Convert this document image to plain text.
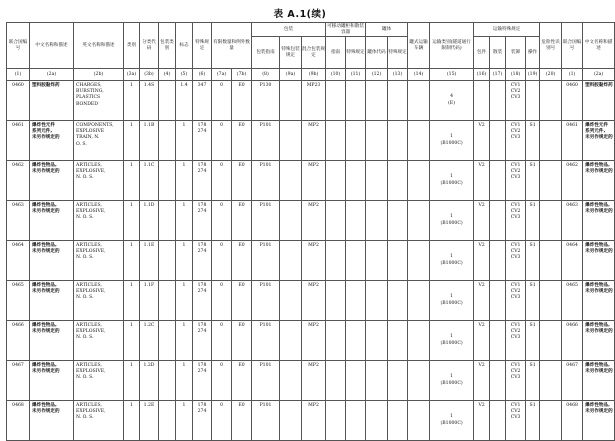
表 A.1(续)
联合国编号	中文名称和描述	英文名称和描述	类别	分类代码	包装类别	标志	特殊规定	有限数量和例外数量		包装			可移动罐柜和散装容器		罐体		罐式运输车辆	运输类别(隧道通行限制代码)	运输特殊规定				危险性识别号	联合国编号	中文名称和描述
										包装指南	特殊包装规定	混合包装规定	指南	特殊规定	罐体代码	特殊规定			包件	散装	装卸	操作			
(1)	(2a)	(2b)	(3a)	(3b)	(4)	(5)	(6)	(7a)	(7b)	(8)	(9a)	(9b)	(10)	(11)	(12)	(13)	(14)	(15)	(16)	(17)	(18)	(19)	(20)	(1)	(2a)
0460	塑料胶黏炸药	CHARGES,
BURSTING,
PLASTICS
BONDED	1	1.4S		1.4	347	0	E0	P130		MP23						4
(E)			CV1
CV2
CV3			0460	塑料胶黏炸药

0461	爆炸性元件
系列元件,
未另作规定的	COMPONENTS,
EXPLOSIVE
TRAIN, N.
O. S.	1	1.1B		1	178
274	0	E0	P101		MP2						1
(B1000C)	V2		CV1
CV2
CV3	S1		0461	爆炸性元件
系列元件,
未另作规定的

0462	爆炸性物品,
未另作规定的	ARTICLES,
EXPLOSIVE,
N. O. S.	1	1.1C		1	178
274	0	E0	P101		MP2						1
(B1000C)	V2		CV1
CV2
CV3	S1		0462	爆炸性物品,
未另作规定的

0463	爆炸性物品,
未另作规定的	ARTICLES,
EXPLOSIVE,
N. O. S.	1	1.1D		1	178
274	0	E0	P101		MP2						1
(B1000C)	V2		CV1
CV2
CV3	S1		0463	爆炸性物品,
未另作规定的

0464	爆炸性物品,
未另作规定的	ARTICLES,
EXPLOSIVE,
N. O. S.	1	1.1E		1	178
274	0	E0	P101		MP2						1
(B1000C)	V2		CV1
CV2
CV3	S1		0464	爆炸性物品,
未另作规定的

0465	爆炸性物品,
未另作规定的	ARTICLES,
EXPLOSIVE,
N. O. S.	1	1.1F		1	178
274	0	E0	P101		MP2						1
(B1000C)	V2		CV1
CV2
CV3	S1		0465	爆炸性物品,
未另作规定的

0466	爆炸性物品,
未另作规定的	ARTICLES,
EXPLOSIVE,
N. O. S.	1	1.2C		1	178
274	0	E0	P101		MP2						1
(B1000C)	V2		CV1
CV2
CV3	S1		0466	爆炸性物品,
未另作规定的

0467	爆炸性物品,
未另作规定的	ARTICLES,
EXPLOSIVE,
N. O. S.	1	1.2D		1	178
274	0	E0	P101		MP2						1
(B1000C)	V2		CV1
CV2
CV3	S1		0467	爆炸性物品,
未另作规定的

0468	爆炸性物品,
未另作规定的	ARTICLES,
EXPLOSIVE,
N. O. S.	1	1.2E		1	178
274	0	E0	P101		MP2						1
(B1000C)	V2		CV1
CV2
CV3	S1		0468	爆炸性物品,
未另作规定的
